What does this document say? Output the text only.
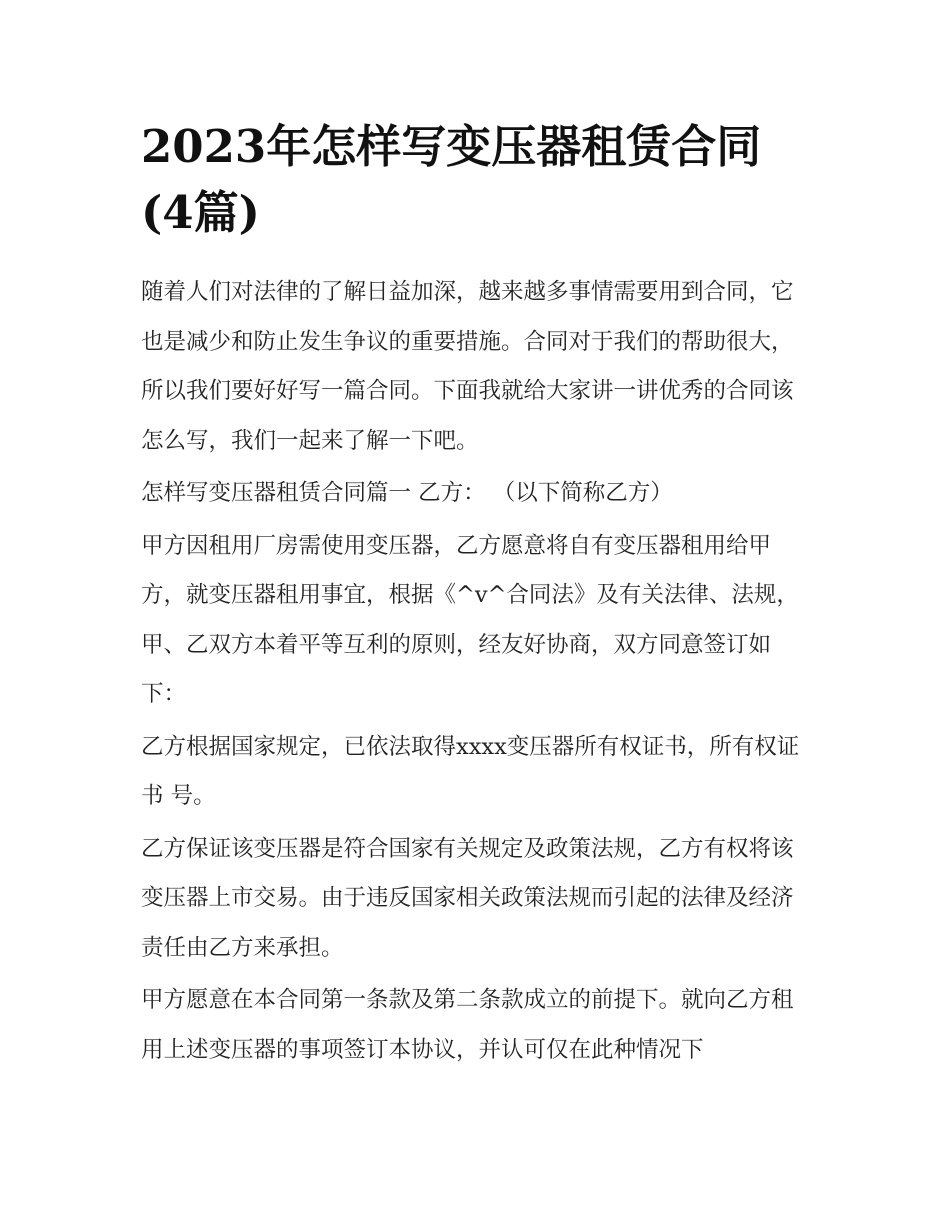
2023年怎样写变压器租赁合同(4篇)

随着人们对法律的了解日益加深，越来越多事情需要用到合同，它也是减少和防止发生争议的重要措施。合同对于我们的帮助很大，所以我们要好好写一篇合同。下面我就给大家讲一讲优秀的合同该怎么写，我们一起来了解一下吧。

怎样写变压器租赁合同篇一 乙方： （以下简称乙方）

甲方因租用厂房需使用变压器，乙方愿意将自有变压器租用给甲方，就变压器租用事宜，根据《^v^合同法》及有关法律、法规，甲、乙双方本着平等互利的原则，经友好协商，双方同意签订如下：

乙方根据国家规定，已依法取得xxxx变压器所有权证书，所有权证书 号。

乙方保证该变压器是符合国家有关规定及政策法规，乙方有权将该变压器上市交易。由于违反国家相关政策法规而引起的法律及经济责任由乙方来承担。

甲方愿意在本合同第一条款及第二条款成立的前提下。就向乙方租用上述变压器的事项签订本协议，并认可仅在此种情况下
